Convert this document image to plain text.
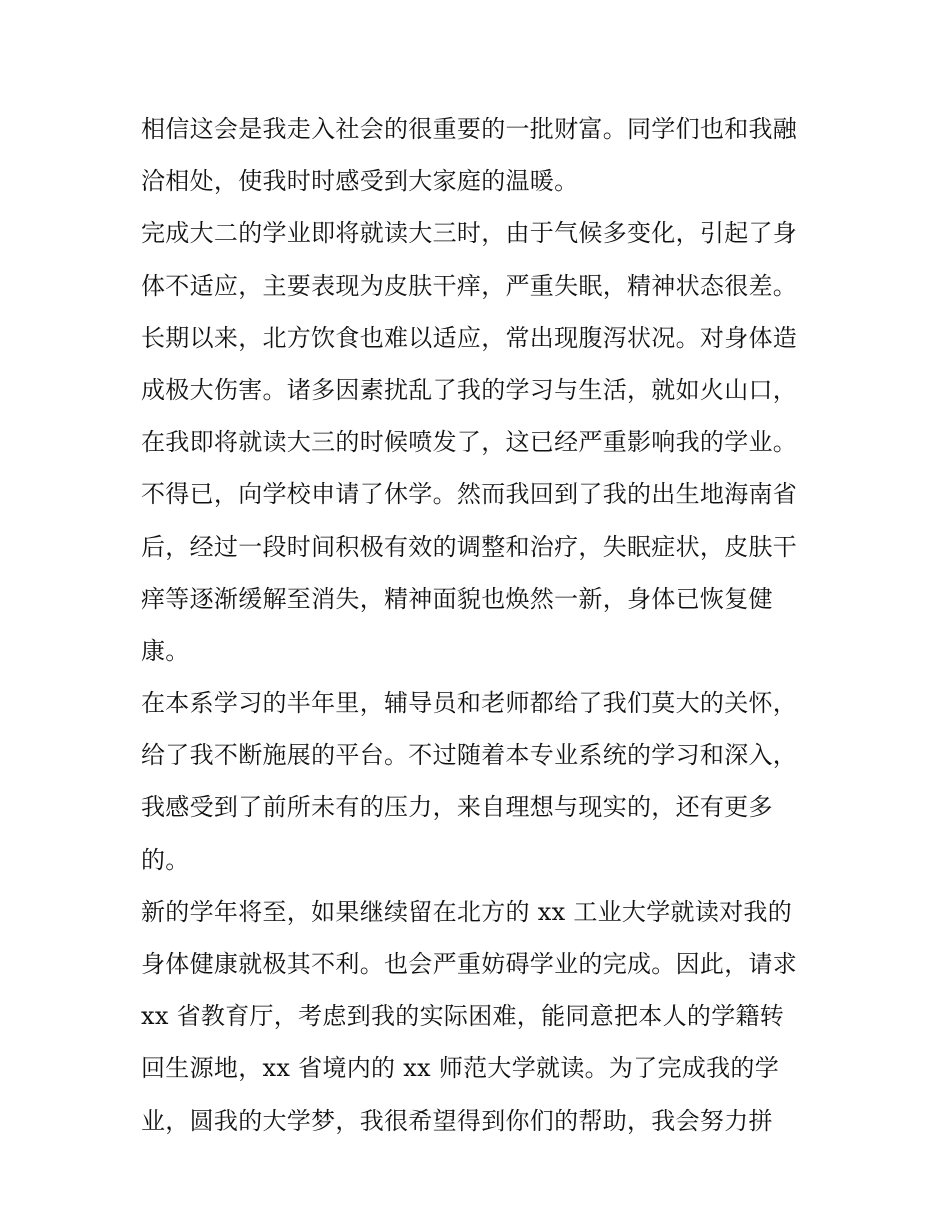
相信这会是我走入社会的很重要的一批财富。同学们也和我融
洽相处，使我时时感受到大家庭的温暖。
完成大二的学业即将就读大三时，由于气候多变化，引起了身
体不适应，主要表现为皮肤干痒，严重失眠，精神状态很差。
长期以来，北方饮食也难以适应，常出现腹泻状况。对身体造
成极大伤害。诸多因素扰乱了我的学习与生活，就如火山口，
在我即将就读大三的时候喷发了，这已经严重影响我的学业。
不得已，向学校申请了休学。然而我回到了我的出生地海南省
后，经过一段时间积极有效的调整和治疗，失眠症状，皮肤干
痒等逐渐缓解至消失，精神面貌也焕然一新，身体已恢复健
康。
在本系学习的半年里，辅导员和老师都给了我们莫大的关怀，
给了我不断施展的平台。不过随着本专业系统的学习和深入，
我感受到了前所未有的压力，来自理想与现实的，还有更多
的。
新的学年将至，如果继续留在北方的 xx 工业大学就读对我的
身体健康就极其不利。也会严重妨碍学业的完成。因此，请求
xx 省教育厅，考虑到我的实际困难，能同意把本人的学籍转
回生源地，xx 省境内的 xx 师范大学就读。为了完成我的学
业，圆我的大学梦，我很希望得到你们的帮助，我会努力拼
